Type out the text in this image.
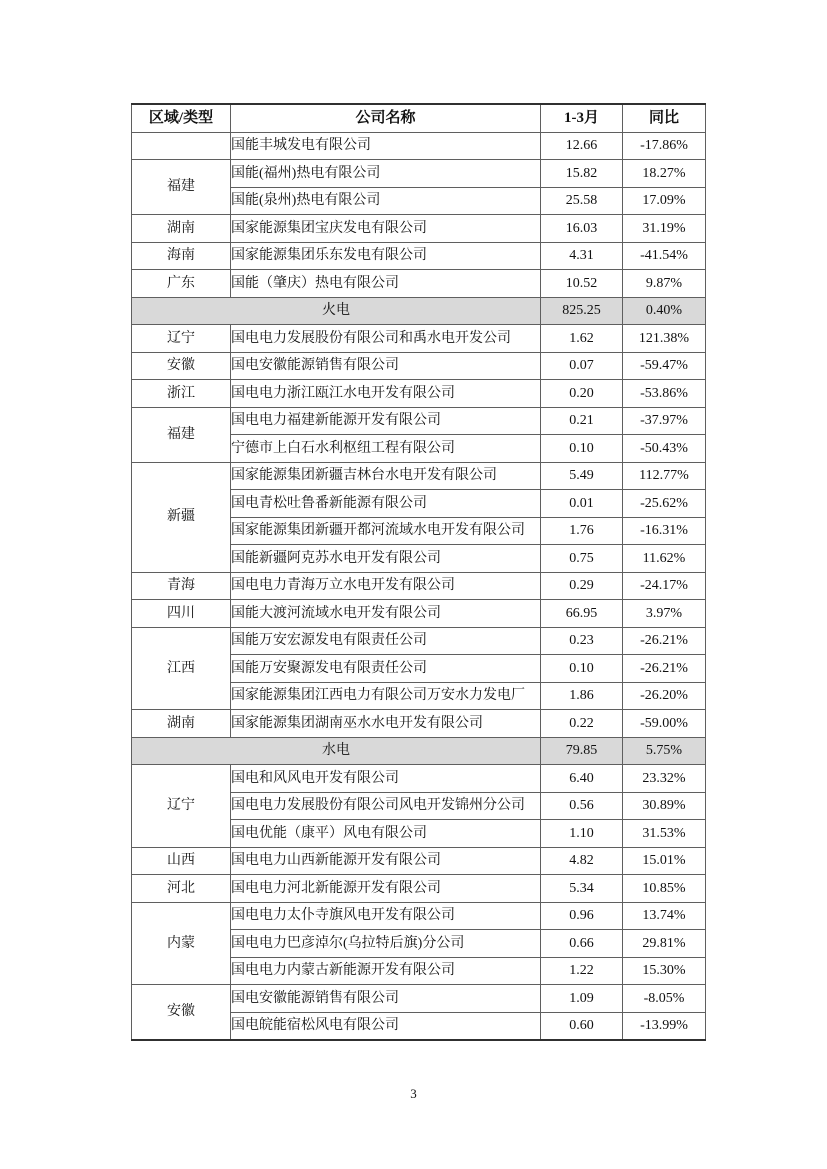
区域/类型	公司名称	1-3月	同比
	国能丰城发电有限公司	12.66	-17.86%
福建	国能(福州)热电有限公司	15.82	18.27%
	国能(泉州)热电有限公司	25.58	17.09%
湖南	国家能源集团宝庆发电有限公司	16.03	31.19%
海南	国家能源集团乐东发电有限公司	4.31	-41.54%
广东	国能（肇庆）热电有限公司	10.52	9.87%
火电		825.25	0.40%
辽宁	国电电力发展股份有限公司和禹水电开发公司	1.62	121.38%
安徽	国电安徽能源销售有限公司	0.07	-59.47%
浙江	国电电力浙江瓯江水电开发有限公司	0.20	-53.86%
福建	国电电力福建新能源开发有限公司	0.21	-37.97%
	宁德市上白石水利枢纽工程有限公司	0.10	-50.43%
新疆	国家能源集团新疆吉林台水电开发有限公司	5.49	112.77%
	国电青松吐鲁番新能源有限公司	0.01	-25.62%
	国家能源集团新疆开都河流域水电开发有限公司	1.76	-16.31%
	国能新疆阿克苏水电开发有限公司	0.75	11.62%
青海	国电电力青海万立水电开发有限公司	0.29	-24.17%
四川	国能大渡河流域水电开发有限公司	66.95	3.97%
江西	国能万安宏源发电有限责任公司	0.23	-26.21%
	国能万安聚源发电有限责任公司	0.10	-26.21%
	国家能源集团江西电力有限公司万安水力发电厂	1.86	-26.20%
湖南	国家能源集团湖南巫水水电开发有限公司	0.22	-59.00%
水电		79.85	5.75%
辽宁	国电和风风电开发有限公司	6.40	23.32%
	国电电力发展股份有限公司风电开发锦州分公司	0.56	30.89%
	国电优能（康平）风电有限公司	1.10	31.53%
山西	国电电力山西新能源开发有限公司	4.82	15.01%
河北	国电电力河北新能源开发有限公司	5.34	10.85%
内蒙	国电电力太仆寺旗风电开发有限公司	0.96	13.74%
	国电电力巴彦淖尔(乌拉特后旗)分公司	0.66	29.81%
	国电电力内蒙古新能源开发有限公司	1.22	15.30%
安徽	国电安徽能源销售有限公司	1.09	-8.05%
	国电皖能宿松风电有限公司	0.60	-13.99%
3
